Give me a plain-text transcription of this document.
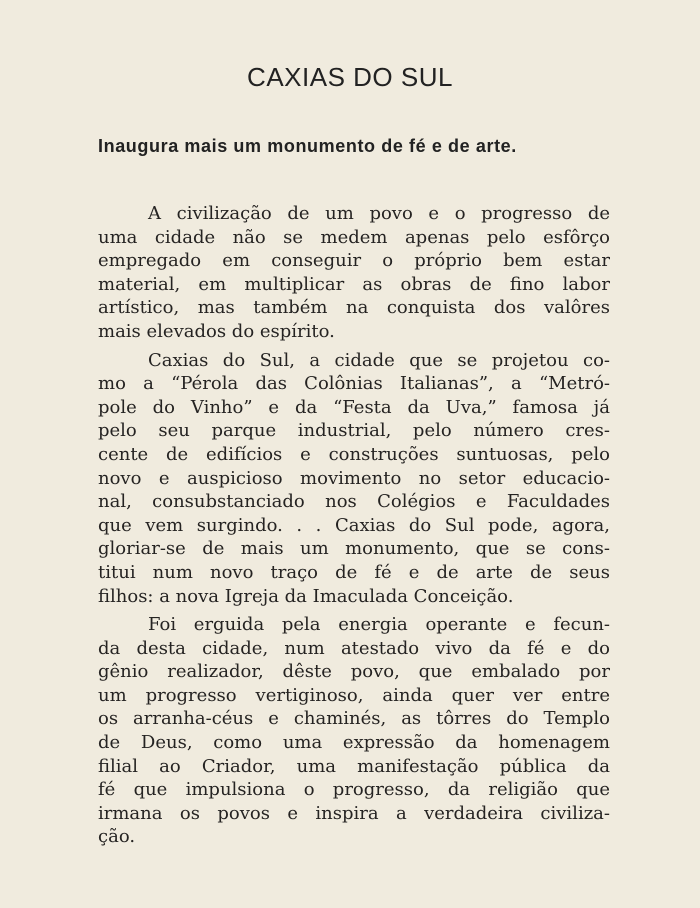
CAXIAS DO SUL
Inaugura mais um monumento de fé e de arte.
A civilização de um povo e o progresso de
uma cidade não se medem apenas pelo esfôrço
empregado em conseguir o próprio bem estar
material, em multiplicar as obras de fino labor
artístico, mas também na conquista dos valôres
mais elevados do espírito.
Caxias do Sul, a cidade que se projetou co-
mo a “Pérola das Colônias Italianas”, a “Metró-
pole do Vinho” e da “Festa da Uva,” famosa já
pelo seu parque industrial, pelo número cres-
cente de edifícios e construções suntuosas, pelo
novo e auspicioso movimento no setor educacio-
nal, consubstanciado nos Colégios e Faculdades
que vem surgindo. . . Caxias do Sul pode, agora,
gloriar-se de mais um monumento, que se cons-
titui num novo traço de fé e de arte de seus
filhos: a nova Igreja da Imaculada Conceição.
Foi erguida pela energia operante e fecun-
da desta cidade, num atestado vivo da fé e do
gênio realizador, dêste povo, que embalado por
um progresso vertiginoso, ainda quer ver entre
os arranha-céus e chaminés, as tôrres do Templo
de Deus, como uma expressão da homenagem
filial ao Criador, uma manifestação pública da
fé que impulsiona o progresso, da religião que
irmana os povos e inspira a verdadeira civiliza-
ção.
